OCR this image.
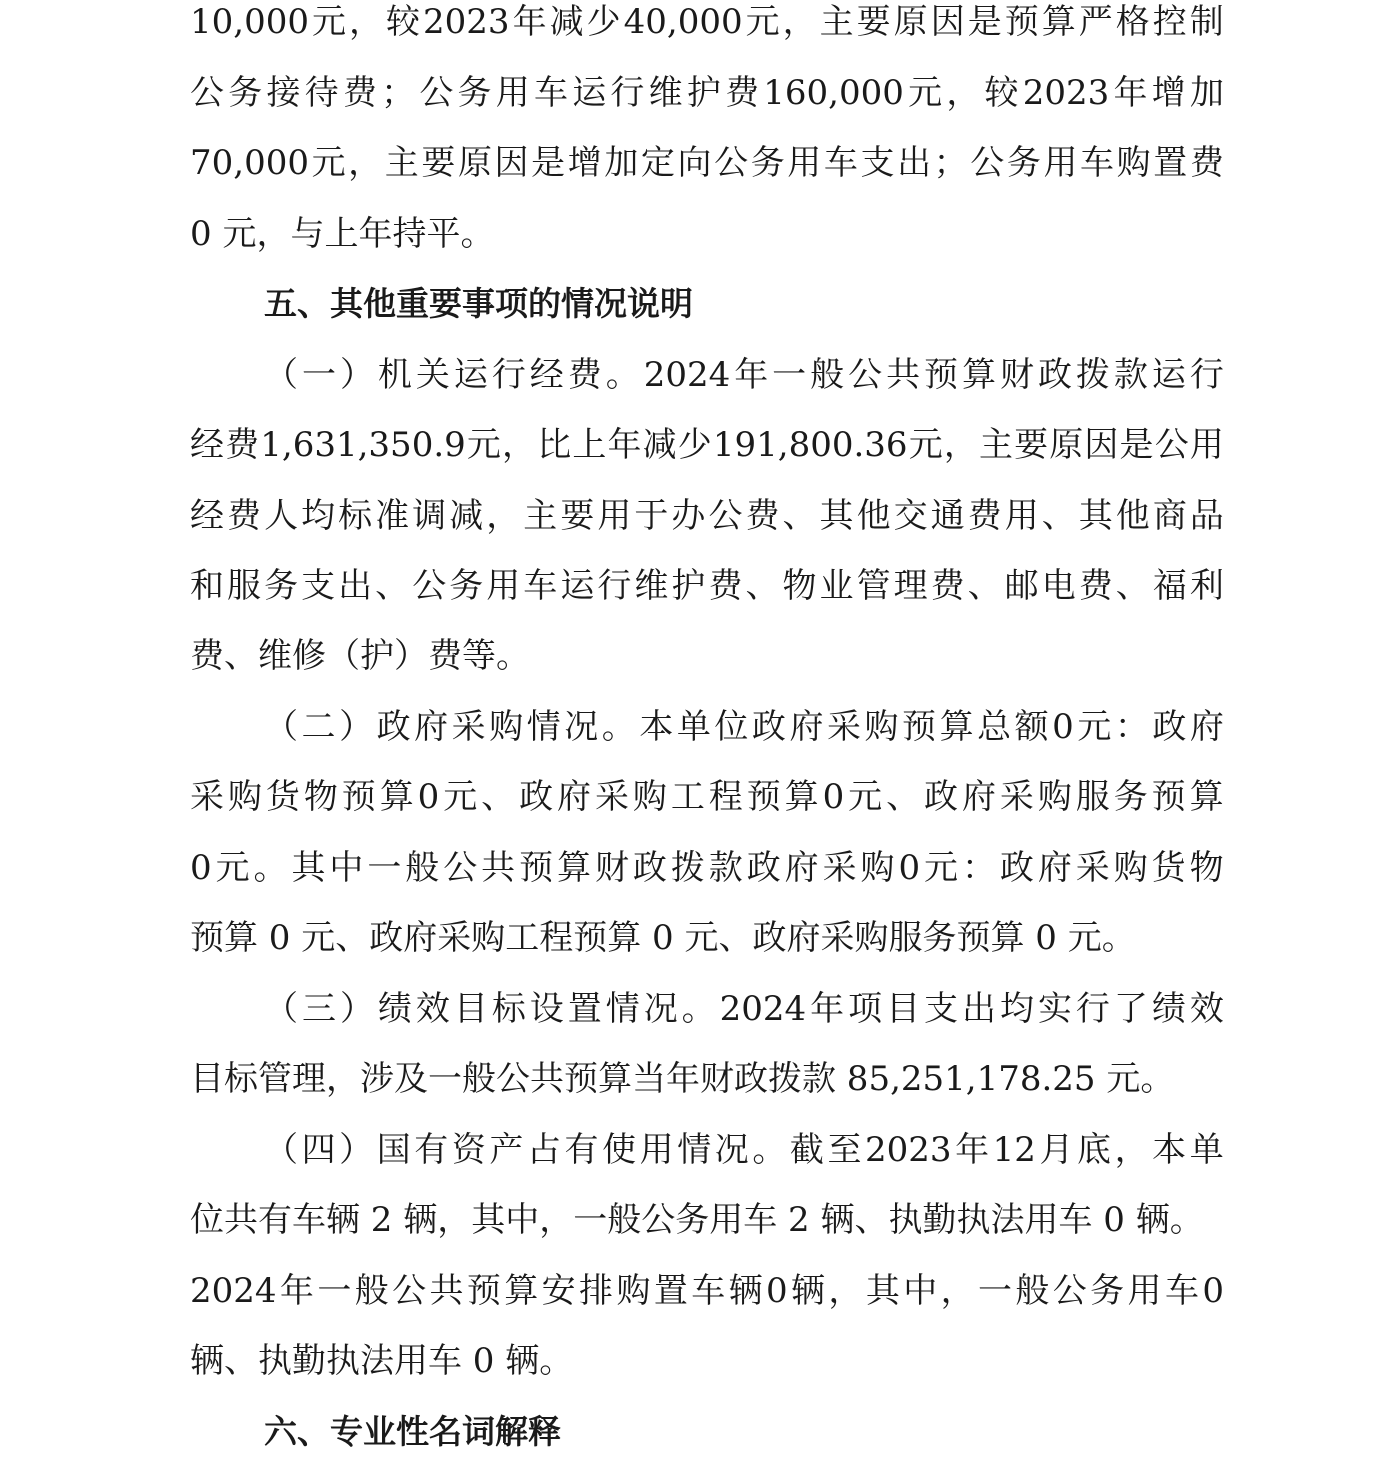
10,000 元 ， 较 2023 年 减 少 40,000 元 ， 主 要 原 因 是 预 算 严 格 控 制
公 务 接 待 费 ； 公 务 用 车 运 行 维 护 费 160,000 元 ， 较 2023 年 增 加
70,000 元 ， 主 要 原 因 是 增 加 定 向 公 务 用 车 支 出 ； 公 务 用 车 购 置 费
0 元，与上年持平。
五、其他重要事项的情况说明
（ 一 ） 机 关 运 行 经 费 。 2024 年 一 般 公 共 预 算 财 政 拨 款 运 行
经 费 1,631,350.9 元 ， 比 上 年 减 少 191,800.36 元 ， 主 要 原 因 是 公 用
经 费 人 均 标 准 调 减 ， 主 要 用 于 办 公 费 、 其 他 交 通 费 用 、 其 他 商 品
和 服 务 支 出 、 公 务 用 车 运 行 维 护 费 、 物 业 管 理 费 、 邮 电 费 、 福 利
费、维修（护）费等。
（ 二 ） 政 府 采 购 情 况 。 本 单 位 政 府 采 购 预 算 总 额 0 元 ： 政 府
采 购 货 物 预 算 0 元 、 政 府 采 购 工 程 预 算 0 元 、 政 府 采 购 服 务 预 算
0 元 。 其 中 一 般 公 共 预 算 财 政 拨 款 政 府 采 购 0 元 ： 政 府 采 购 货 物
预算 0 元、政府采购工程预算 0 元、政府采购服务预算 0 元。
（ 三 ） 绩 效 目 标 设 置 情 况 。 2024 年 项 目 支 出 均 实 行 了 绩 效
目标管理，涉及一般公共预算当年财政拨款 85,251,178.25 元。
（ 四 ） 国 有 资 产 占 有 使 用 情 况 。 截 至 2023 年 12 月 底 ， 本 单
位共有车辆 2 辆，其中，一般公务用车 2 辆、执勤执法用车 0 辆。
2024 年 一 般 公 共 预 算 安 排 购 置 车 辆 0 辆 ， 其 中 ， 一 般 公 务 用 车 0
辆、执勤执法用车 0 辆。
六、专业性名词解释
